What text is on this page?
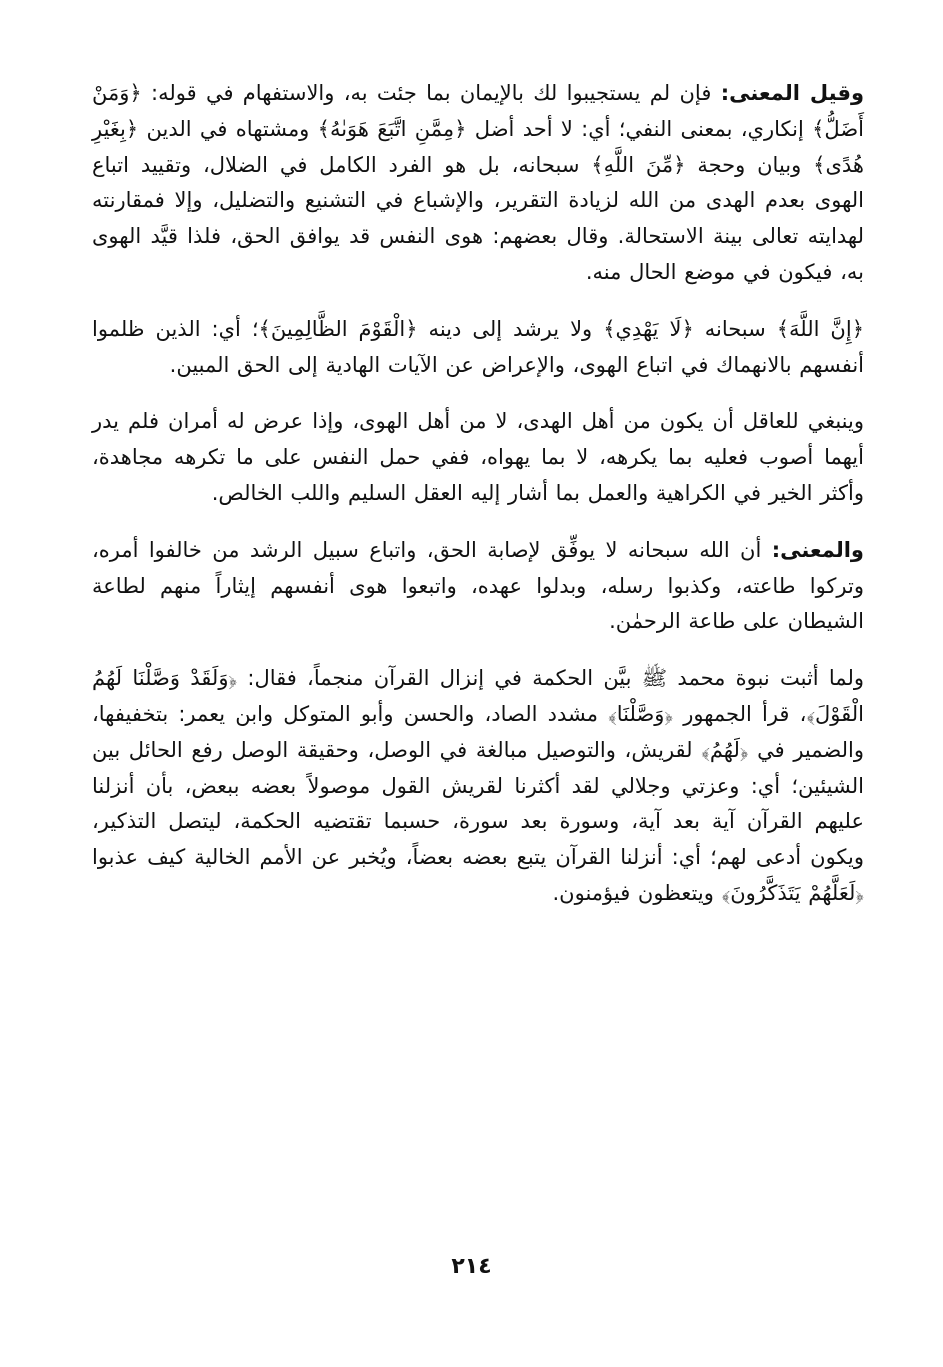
وقيل المعنى: فإن لم يستجيبوا لك بالإيمان بما جئت به، والاستفهام في قوله: ﴿وَمَنْ أَضَلُّ﴾ إنكاري، بمعنى النفي؛ أي: لا أحد أضل ﴿مِمَّنِ اتَّبَعَ هَوَىٰهُ﴾ ومشتهاه في الدين ﴿بِغَيْرِ هُدًى﴾ وبيان وحجة ﴿مِّنَ اللَّهِ﴾ سبحانه، بل هو الفرد الكامل في الضلال، وتقييد اتباع الهوى بعدم الهدى من الله لزيادة التقرير، والإشباع في التشنيع والتضليل، وإلا فمقارنته لهدايته تعالى بينة الاستحالة. وقال بعضهم: هوى النفس قد يوافق الحق، فلذا قيَّد الهوى به، فيكون في موضع الحال منه.

﴿إِنَّ اللَّهَ﴾ سبحانه ﴿لَا يَهْدِي﴾ ولا يرشد إلى دينه ﴿الْقَوْمَ الظَّالِمِينَ﴾؛ أي: الذين ظلموا أنفسهم بالانهماك في اتباع الهوى، والإعراض عن الآيات الهادية إلى الحق المبين.

وينبغي للعاقل أن يكون من أهل الهدى، لا من أهل الهوى، وإذا عرض له أمران فلم يدر أيهما أصوب فعليه بما يكرهه، لا بما يهواه، ففي حمل النفس على ما تكرهه مجاهدة، وأكثر الخير في الكراهية والعمل بما أشار إليه العقل السليم واللب الخالص.

والمعنى: أن الله سبحانه لا يوفِّق لإصابة الحق، واتباع سبيل الرشد من خالفوا أمره، وتركوا طاعته، وكذبوا رسله، وبدلوا عهده، واتبعوا هوى أنفسهم إيثاراً منهم لطاعة الشيطان على طاعة الرحمٰن.

ولما أثبت نبوة محمد ﷺ بيَّن الحكمة في إنزال القرآن منجماً، فقال: ﴿وَلَقَدْ وَصَّلْنَا لَهُمُ الْقَوْلَ﴾، قرأ الجمهور ﴿وَصَّلْنَا﴾ مشدد الصاد، والحسن وأبو المتوكل وابن يعمر: بتخفيفها، والضمير في ﴿لَهُمُ﴾ لقريش، والتوصيل مبالغة في الوصل، وحقيقة الوصل رفع الحائل بين الشيئين؛ أي: وعزتي وجلالي لقد أكثرنا لقريش القول موصولاً بعضه ببعض، بأن أنزلنا عليهم القرآن آية بعد آية، وسورة بعد سورة، حسبما تقتضيه الحكمة، ليتصل التذكير، ويكون أدعى لهم؛ أي: أنزلنا القرآن يتبع بعضه بعضاً، ويُخبر عن الأمم الخالية كيف عذبوا ﴿لَعَلَّهُمْ يَتَذَكَّرُونَ﴾ ويتعظون فيؤمنون.

٢١٤
